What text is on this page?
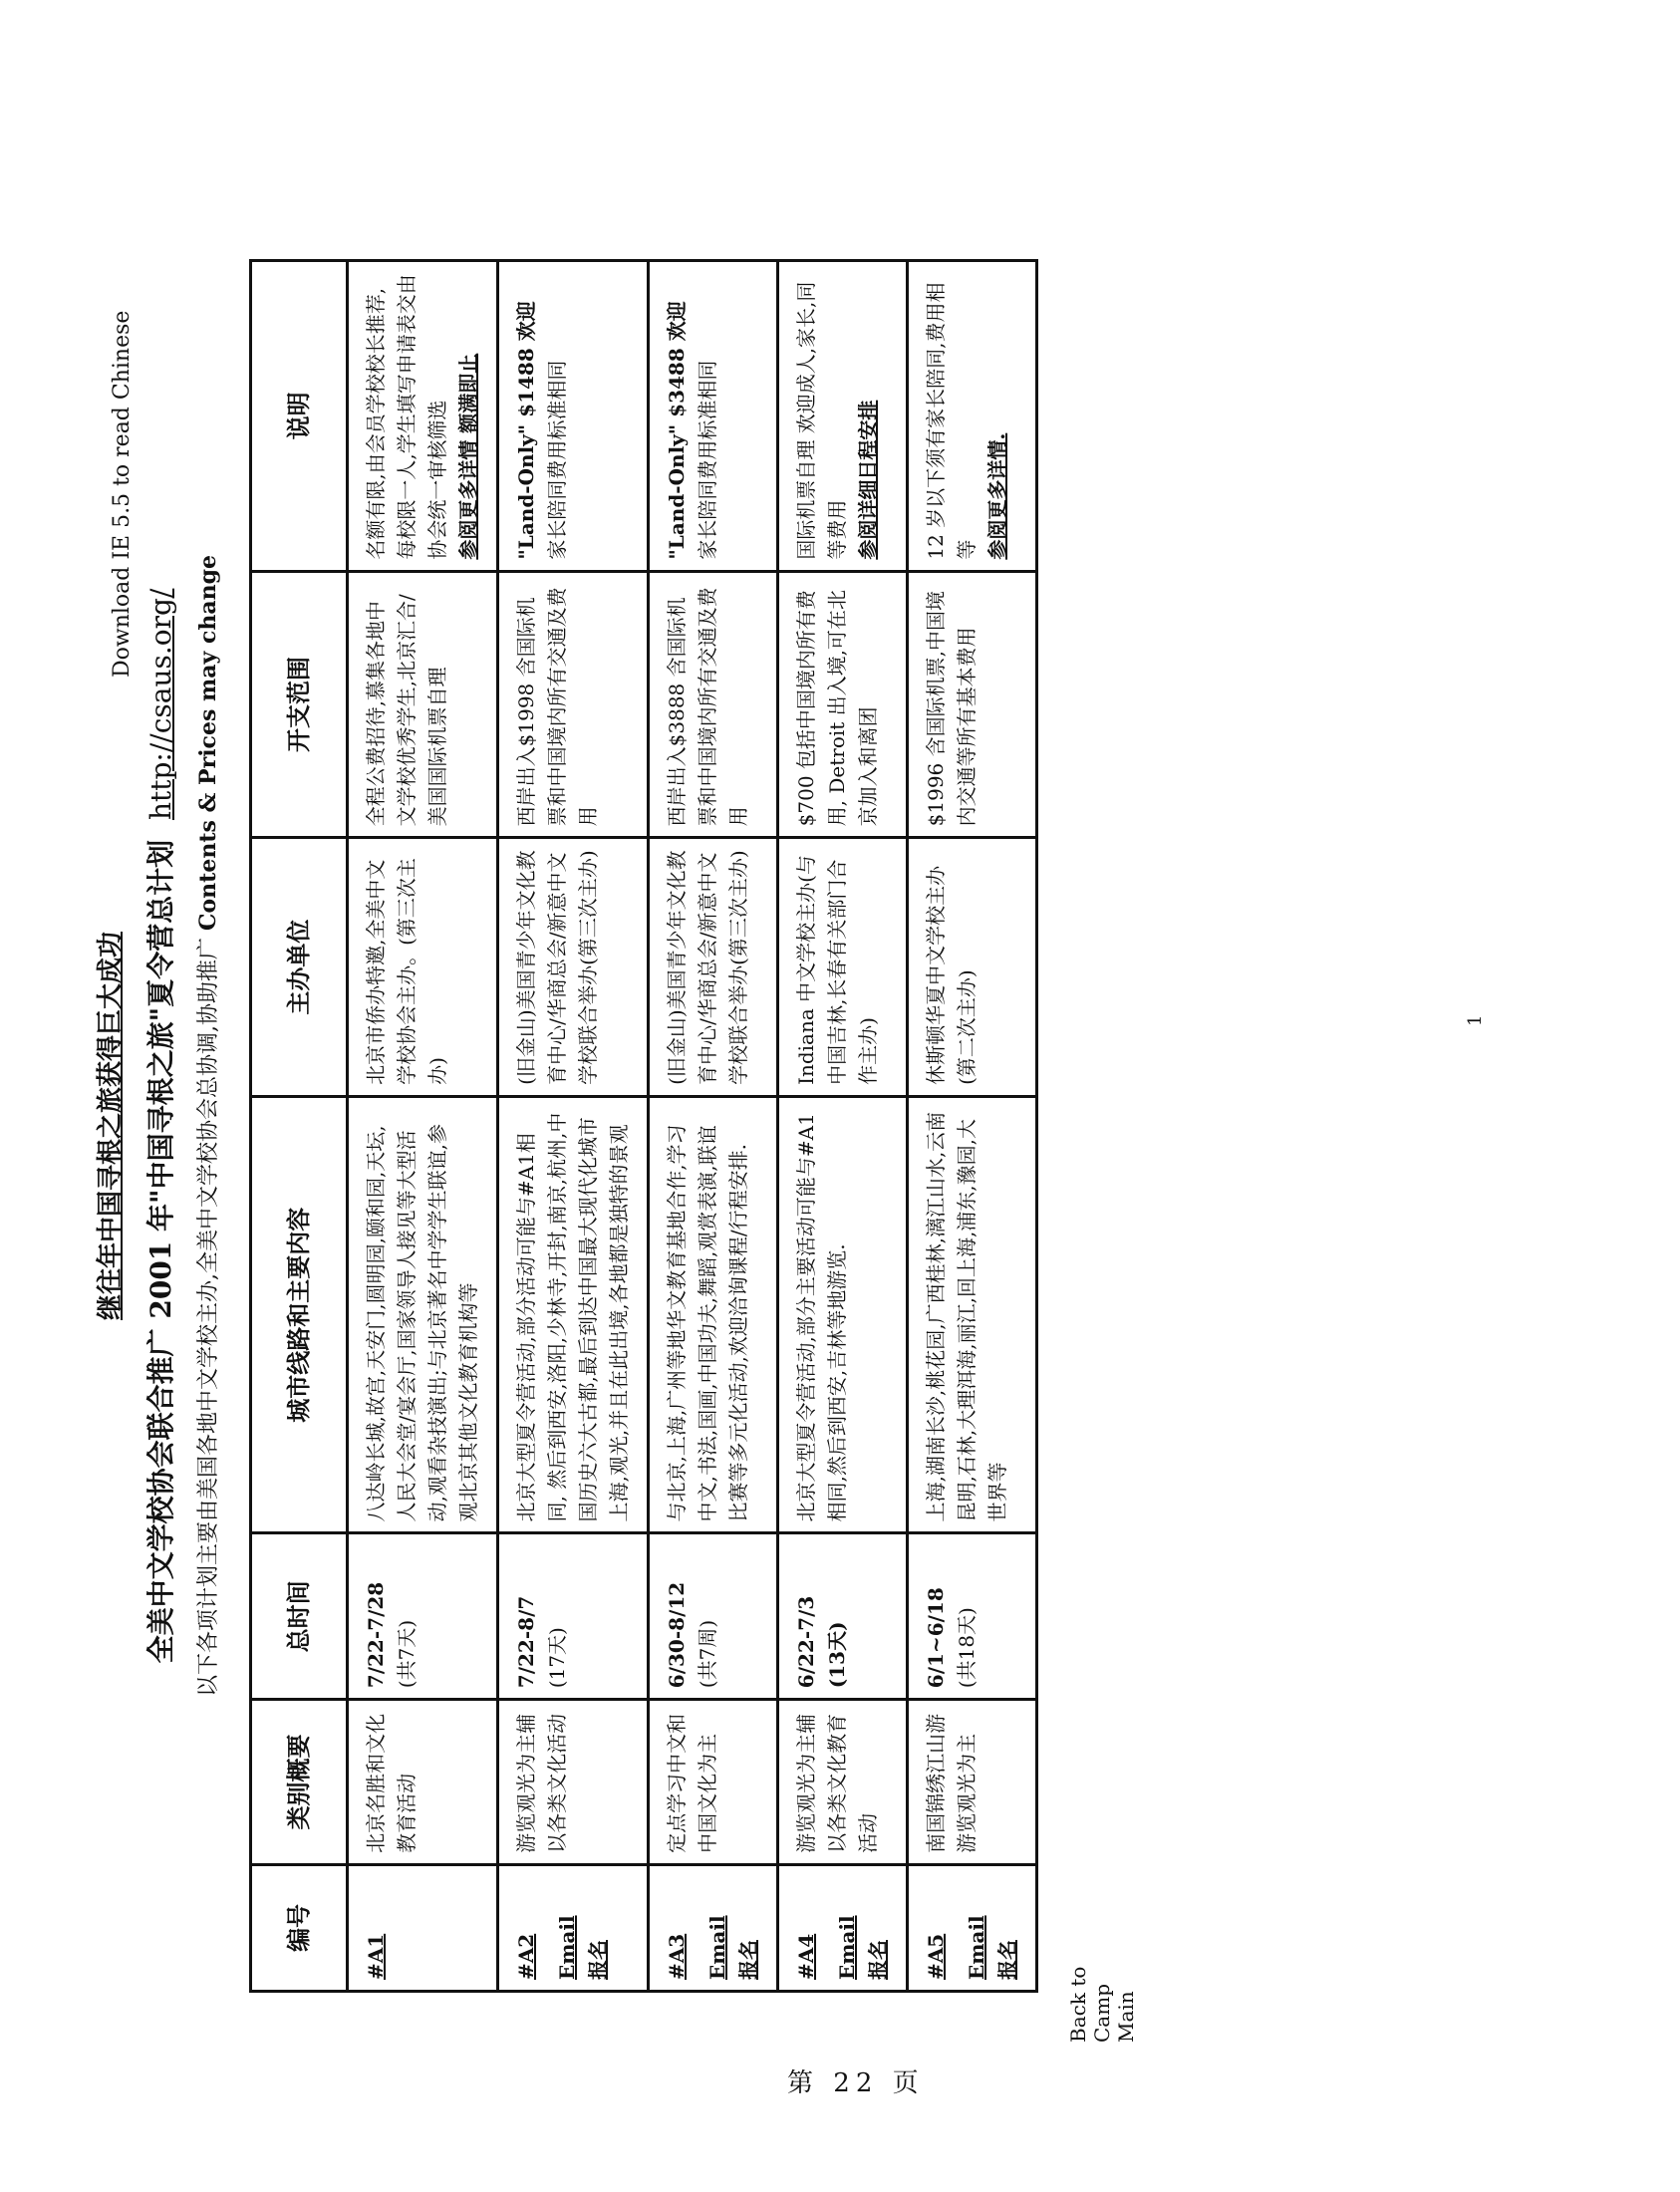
Download IE 5.5 to read Chinese
继往年中国寻根之旅获得巨大成功 全美中文学校协会联合推广 2001 年"中国寻根之旅"夏令营总计划 http://csaus.org/
以下各项计划主要由美国各地中文学校主办,全美中文学校协会总协调,协助推广 Contents & Prices may change
编号	类别概要	总时间	城市线路和主要内容	主办单位	开支范围	说明

#A1	北京名胜和文化教育活动	7/22-7/28 (共7天)	八达岭长城,故宫,天安门,圆明园,颐和园,天坛,人民大会堂/宴会厅,国家领导人接见等大型活动,观看杂技演出;与北京著名中学学生联谊,参观北京其他文化教育机构等	北京市侨办特邀,全美中文学校协会主办。(第三次主办)	全程公费招待,慕集各地中文学校优秀学生,北京汇合/美国国际机票自理	名额有限,由会员学校校长推荐,每校限一人,学生填写申请表交由协会统一审核筛选 参阅更多详情 额满即止

#A2 Email 报名	游览观光为主辅以各类文化活动	7/22-8/7 (17天)	北京大型夏令营活动,部分活动可能与#A1相同, 然后到西安,洛阳,少林寺,开封,南京,杭州,中国历史六大古都,最后到达中国最大现代化城市上海,观光,并且在此出境,各地都是独特的景观	(旧金山)美国青少年文化教育中心/华商总会/新意中文学校联合举办(第三次主办)	西岸出入$1998 含国际机票和中国境内所有交通及费用	"Land-Only" $1488 欢迎 家长陪同费用标准相同

#A3 Email 报名	定点学习中文和中国文化为主	6/30-8/12 (共7周)	与北京,上海,广州等地华文教育基地合作,学习中文,书法,国画,中国功夫,舞蹈,观赏表演,联谊比赛等多元化活动,欢迎洽询课程/行程安排.	(旧金山)美国青少年文化教育中心/华商总会/新意中文学校联合举办(第三次主办)	西岸出入$3888 含国际机票和中国境内所有交通及费用	"Land-Only" $3488 欢迎 家长陪同费用标准相同

#A4 Email 报名	游览观光为主辅以各类文化教育活动	6/22-7/3 (13天)	北京大型夏令营活动,部分主要活动可能与#A1相同,然后到西安,吉林等地游览.	Indiana 中文学校主办(与中国吉林,长春有关部门合作主办)	$700 包括中国境内所有费用, Detroit 出入境,可在北京加入和离团	国际机票自理 欢迎成人,家长,同等费用 参阅详细日程安排

#A5 Email 报名	南国锦绣江山游 游览观光为主	6/1~6/18 (共18天)	上海,湖南长沙,桃花园,广西桂林,漓江山水,云南昆明,石林,大理洱海,丽江,回上海,浦东,豫园,大世界等	休斯顿华夏中文学校主办(第二次主办)	$1996 含国际机票,中国境内交通等所有基本费用	12 岁以下须有家长陪同,费用相等 参阅更多详情.
Back to Camp Main
1
第 22 页
